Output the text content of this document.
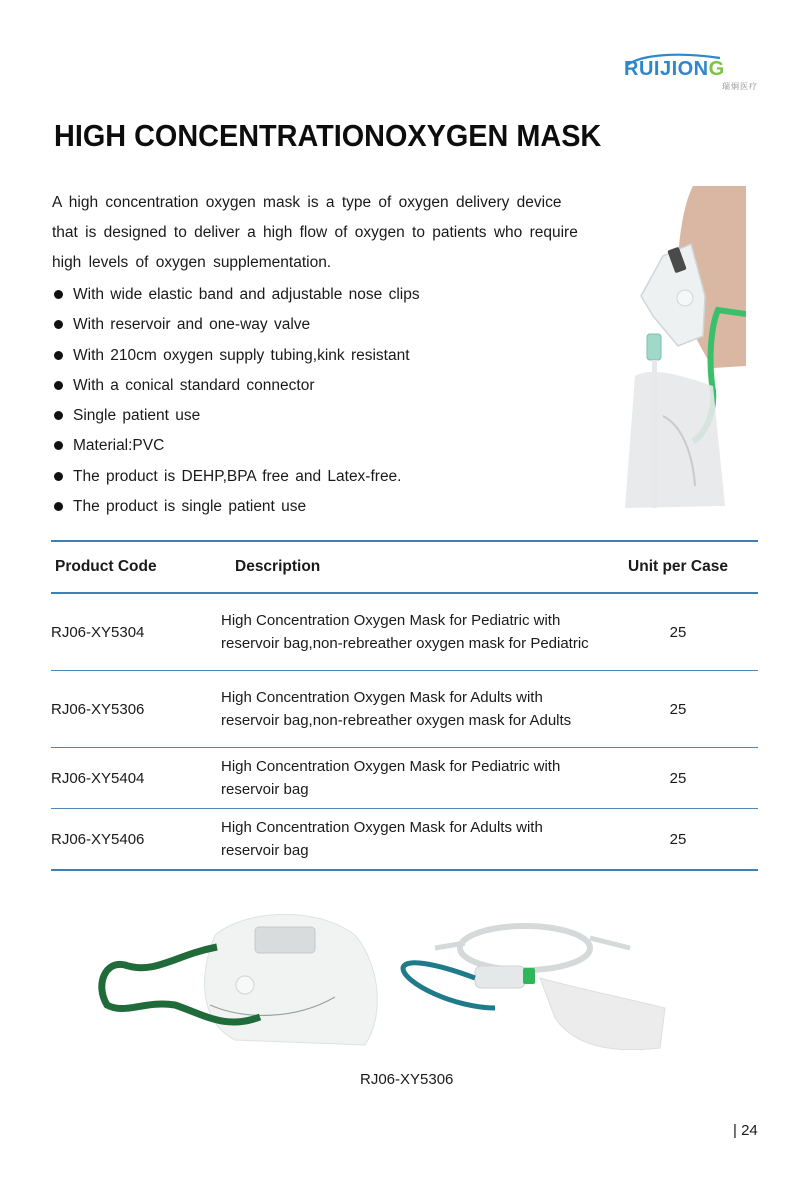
RUIJIONG
瑞炯医疗
HIGH CONCENTRATIONOXYGEN MASK

A high concentration oxygen mask is a type of oxygen delivery device that is designed to deliver a high flow of oxygen to patients who require high levels of oxygen supplementation.

With wide elastic band and adjustable nose clips
With reservoir and one-way valve
With 210cm oxygen supply tubing,kink resistant
With a conical standard connector
Single patient use
Material:PVC
The product is DEHP,BPA free and Latex-free.
The product is single patient use
Product Code	Description	Unit per Case
RJ06-XY5304	High Concentration Oxygen Mask for Pediatric with reservoir bag,non-rebreather oxygen mask for Pediatric	25
RJ06-XY5306	High Concentration Oxygen Mask for Adults with reservoir bag,non-rebreather oxygen mask for Adults	25
RJ06-XY5404	High Concentration Oxygen Mask for Pediatric with reservoir bag	25
RJ06-XY5406	High Concentration Oxygen Mask for Adults with reservoir bag	25
RJ06-XY5306
| 24
